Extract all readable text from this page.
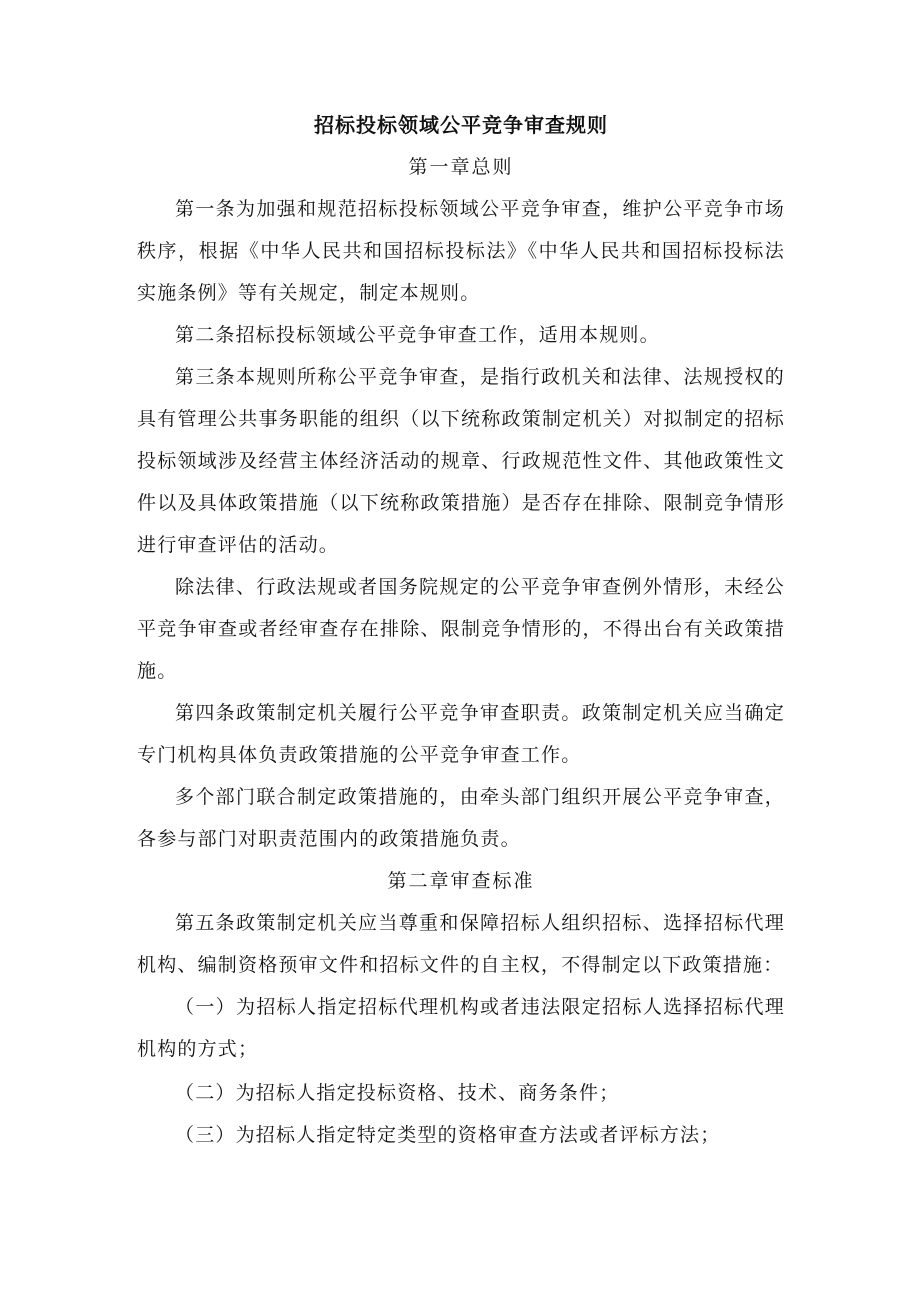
招标投标领域公平竞争审查规则
第一章总则

第一条为加强和规范招标投标领域公平竞争审查，维护公平竞争市场秩序，根据《中华人民共和国招标投标法》《中华人民共和国招标投标法实施条例》等有关规定，制定本规则。

第二条招标投标领域公平竞争审查工作，适用本规则。

第三条本规则所称公平竞争审查，是指行政机关和法律、法规授权的具有管理公共事务职能的组织（以下统称政策制定机关）对拟制定的招标投标领域涉及经营主体经济活动的规章、行政规范性文件、其他政策性文件以及具体政策措施（以下统称政策措施）是否存在排除、限制竞争情形进行审查评估的活动。

除法律、行政法规或者国务院规定的公平竞争审查例外情形，未经公平竞争审查或者经审查存在排除、限制竞争情形的，不得出台有关政策措施。

第四条政策制定机关履行公平竞争审查职责。政策制定机关应当确定专门机构具体负责政策措施的公平竞争审查工作。

多个部门联合制定政策措施的，由牵头部门组织开展公平竞争审查，各参与部门对职责范围内的政策措施负责。

第二章审查标准

第五条政策制定机关应当尊重和保障招标人组织招标、选择招标代理机构、编制资格预审文件和招标文件的自主权，不得制定以下政策措施：

（一）为招标人指定招标代理机构或者违法限定招标人选择招标代理机构的方式；

（二）为招标人指定投标资格、技术、商务条件；

（三）为招标人指定特定类型的资格审查方法或者评标方法；
